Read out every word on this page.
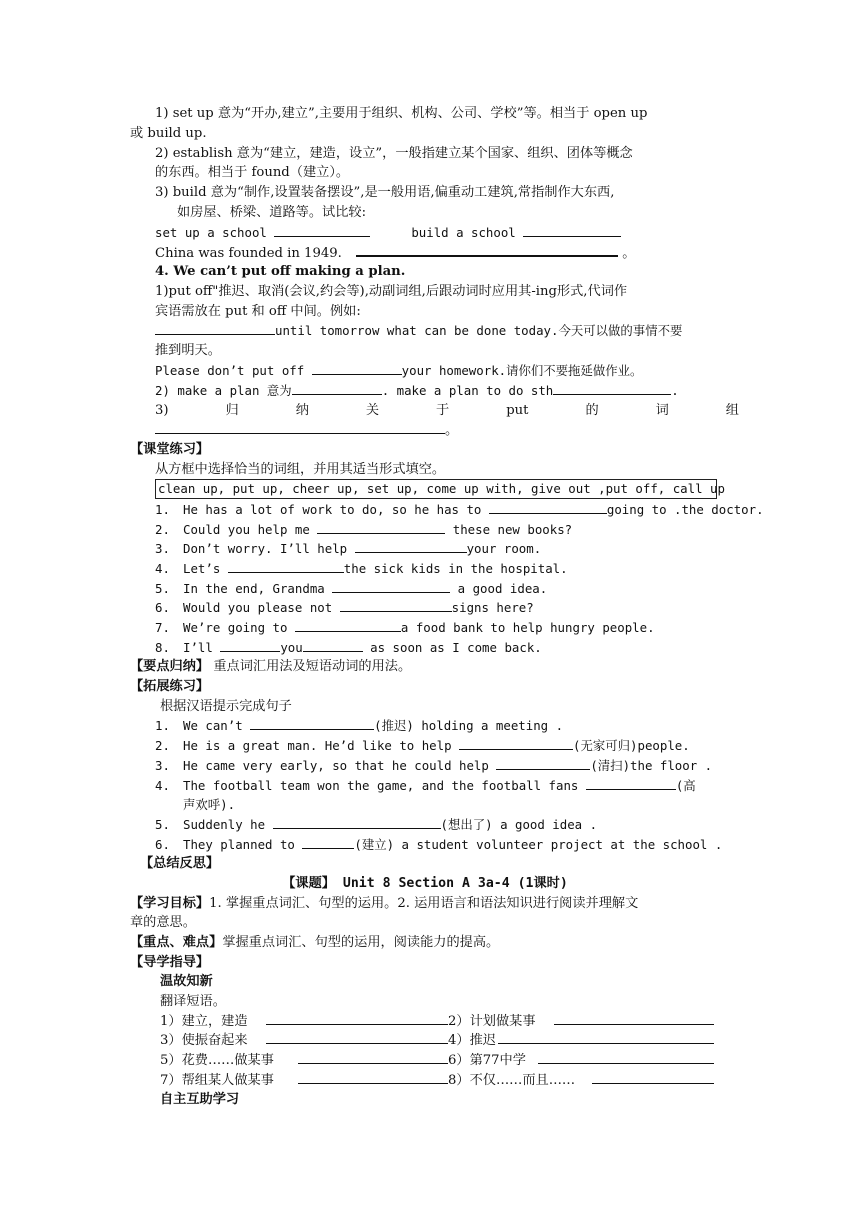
1) set up 意为“开办,建立”,主要用于组织、机构、公司、学校”等。相当于 open up
或 build up.
2) establish 意为“建立，建造，设立”，一般指建立某个国家、组织、团体等概念
的东西。相当于 found（建立）。
3) build 意为“制作,设置装备摆设”,是一般用语,偏重动工建筑,常指制作大东西,
如房屋、桥梁、道路等。试比较:
set up a school	build a school
China was founded in 1949.	。
4. We can’t put off making a plan.
1)put off"推迟、取消(会议,约会等),动副词组,后跟动词时应用其-ing形式,代词作
宾语需放在 put 和 off 中间。例如:
until tomorrow what can be done today.今天可以做的事情不要
推到明天。
Please don’t put off	your homework.请你们不要拖延做作业。
2) make a plan 意为	. make a plan to do sth	.
3)	归	纳	关	于	put	的	词	组
。
【课堂练习】
从方框中选择恰当的词组，并用其适当形式填空。
clean up, put up, cheer up, set up, come up with, give out ,put off, call up
1. He has a lot of work to do, so he has to	going to .the doctor.
2. Could you help me	these new books?
3. Don’t worry. I’ll help	your room.
4. Let’s	the sick kids in the hospital.
5. In the end, Grandma	a good idea.
6. Would you please not	signs here?
7. We’re going to	a food bank to help hungry people.
8. I’ll	you	as soon as I come back.
【要点归纳】 重点词汇用法及短语动词的用法。
【拓展练习】
根据汉语提示完成句子
1. We can’t	(推迟) holding a meeting .
2. He is a great man. He’d like to help	(无家可归)people.
3. He came very early, so that he could help	(清扫)the floor .
4. The football team won the game, and the football fans	(高
声欢呼).
5. Suddenly he	(想出了) a good idea .
6. They planned to	(建立) a student volunteer project at the school .
【总结反思】
【课题】 Unit 8 Section A 3a-4 (1课时)
【学习目标】1. 掌握重点词汇、句型的运用。2. 运用语言和语法知识进行阅读并理解文
章的意思。
【重点、难点】掌握重点词汇、句型的运用，阅读能力的提高。
【导学指导】
温故知新
翻译短语。
1）建立，建造	2）计划做某事
3）使振奋起来	4）推迟
5）花费……做某事	6）第77中学
7）帮组某人做某事	8）不仅……而且……
自主互助学习
